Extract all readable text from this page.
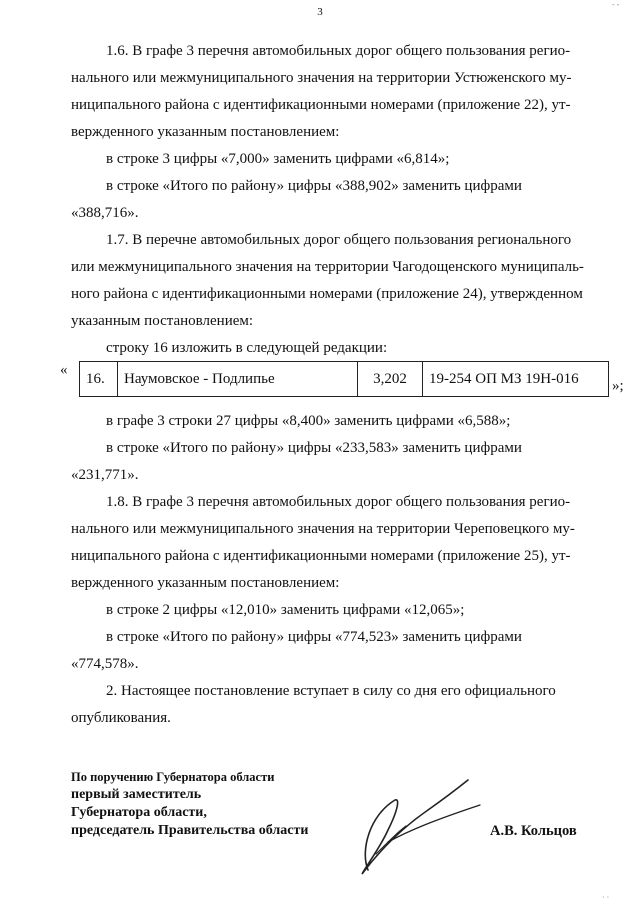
3
- -
· ·
1.6. В графе 3 перечня автомобильных дорог общего пользования регио-
нального или межмуниципального значения на территории Устюженского му-
ниципального района с идентификационными номерами (приложение 22), ут-
вержденного указанным постановлением:
в строке 3 цифры «7,000» заменить цифрами «6,814»;
в строке «Итого по району» цифры «388,902» заменить цифрами
«388,716».
1.7. В перечне автомобильных дорог общего пользования регионального
или межмуниципального значения на территории Чагодощенского муниципаль-
ного района с идентификационными номерами (приложение 24), утвержденном
указанным постановлением:
строку 16 изложить в следующей редакции:
«
16.	Наумовское - Подлипье	3,202	19-254 ОП МЗ 19Н-016 »;
в графе 3 строки 27 цифры «8,400» заменить цифрами «6,588»;
в строке «Итого по району» цифры «233,583» заменить цифрами
«231,771».
1.8. В графе 3 перечня автомобильных дорог общего пользования регио-
нального или межмуниципального значения на территории Череповецкого му-
ниципального района с идентификационными номерами (приложение 25), ут-
вержденного указанным постановлением:
в строке 2 цифры «12,010» заменить цифрами «12,065»;
в строке «Итого по району» цифры «774,523» заменить цифрами
«774,578».
2. Настоящее постановление вступает в силу со дня его официального
опубликования.
По поручению Губернатора области
первый заместитель
Губернатора области,
председатель Правительства области	А.В. Кольцов
